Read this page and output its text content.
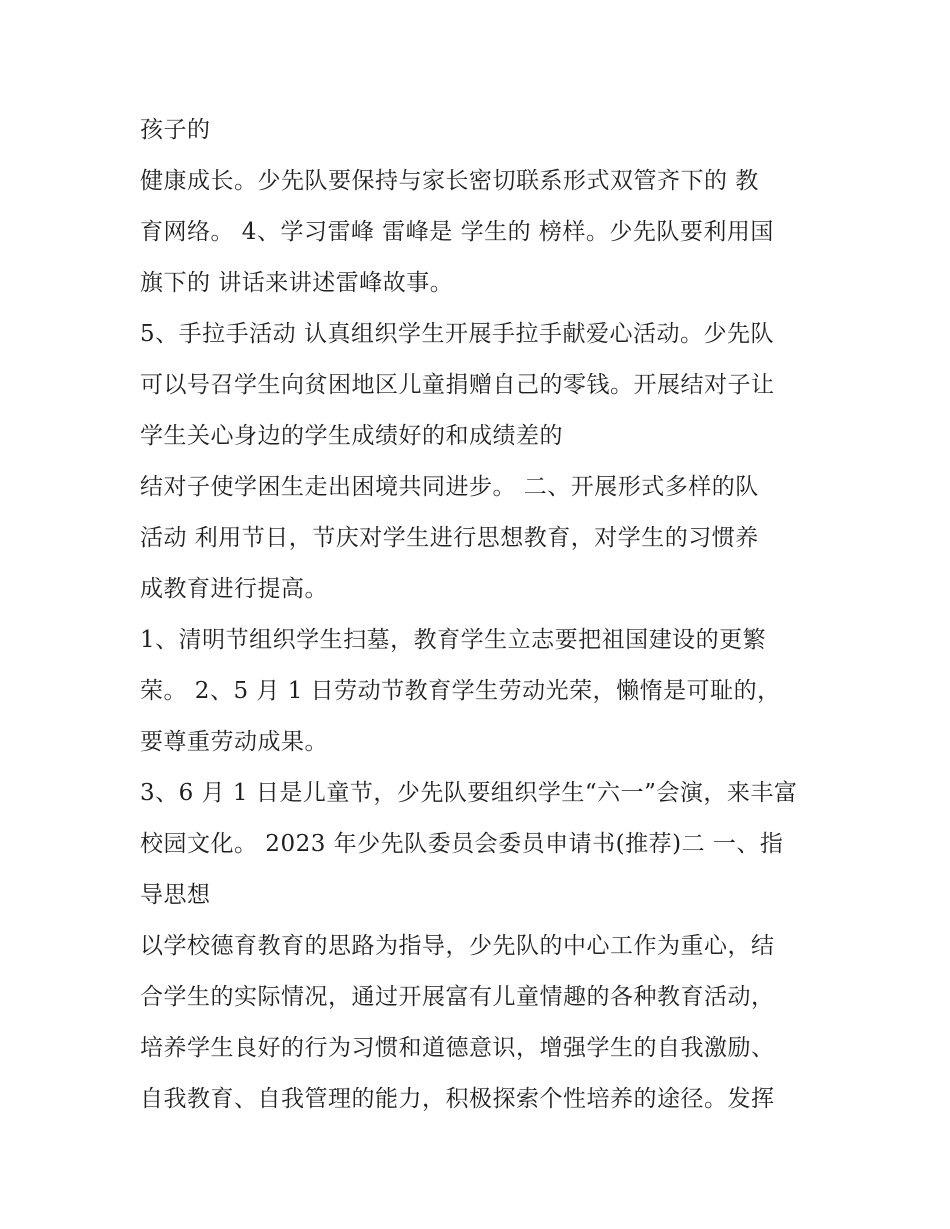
孩子的
健康成长。少先队要保持与家长密切联系形式双管齐下的 教
育网络。 4、学习雷峰 雷峰是 学生的 榜样。少先队要利用国
旗下的 讲话来讲述雷峰故事。
5、手拉手活动 认真组织学生开展手拉手献爱心活动。少先队
可以号召学生向贫困地区儿童捐赠自己的零钱。开展结对子让
学生关心身边的学生成绩好的和成绩差的
结对子使学困生走出困境共同进步。 二、开展形式多样的队
活动 利用节日，节庆对学生进行思想教育，对学生的习惯养
成教育进行提高。
1、清明节组织学生扫墓，教育学生立志要把祖国建设的更繁
荣。 2、5 月 1 日劳动节教育学生劳动光荣，懒惰是可耻的，
要尊重劳动成果。
3、6 月 1 日是儿童节，少先队要组织学生“六一”会演，来丰富
校园文化。 2023 年少先队委员会委员申请书(推荐)二 一、指
导思想
以学校德育教育的思路为指导，少先队的中心工作为重心，结
合学生的实际情况，通过开展富有儿童情趣的各种教育活动，
培养学生良好的行为习惯和道德意识，增强学生的自我激励、
自我教育、自我管理的能力，积极探索个性培养的途径。发挥
